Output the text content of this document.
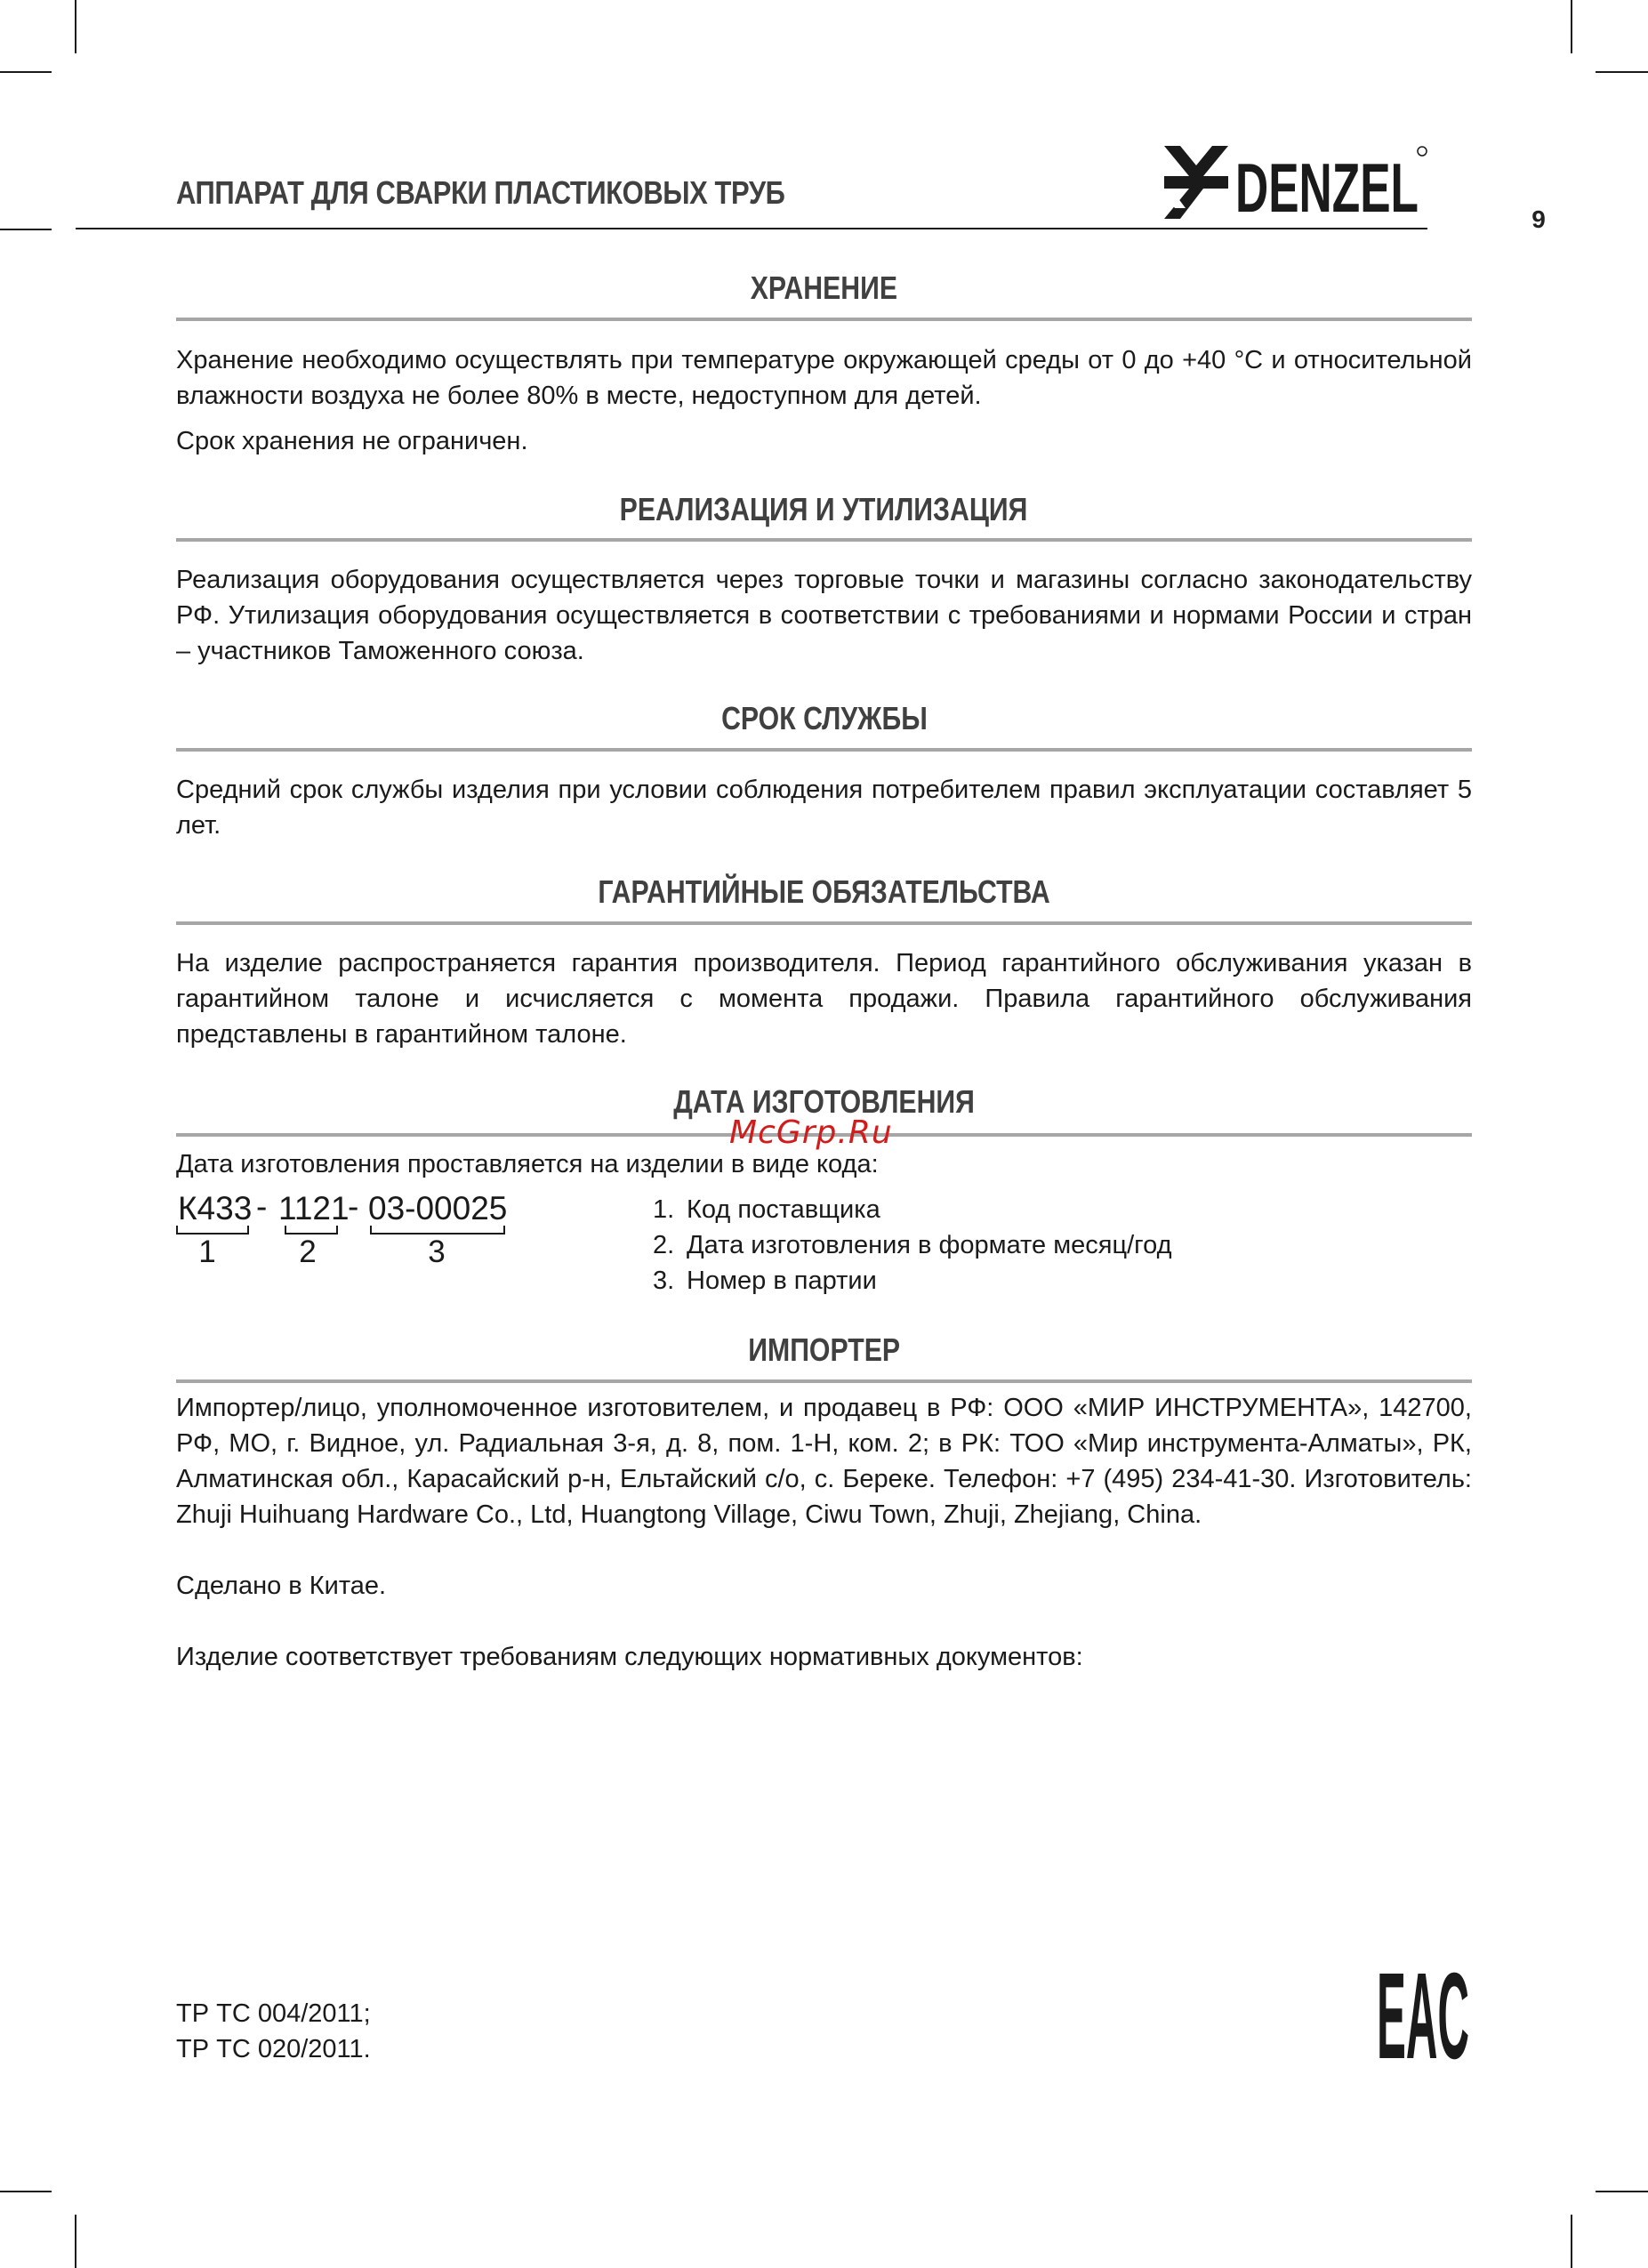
АППАРАТ ДЛЯ СВАРКИ ПЛАСТИКОВЫХ ТРУБ	DENZEL	9
ХРАНЕНИЕ
Хранение необходимо осуществлять при температуре окружающей среды от 0 до +40 °C и относительной влажности воздуха не более 80% в месте, недоступном для детей.
Срок хранения не ограничен.
РЕАЛИЗАЦИЯ И УТИЛИЗАЦИЯ
Реализация оборудования осуществляется через торговые точки и магазины согласно законодательству РФ. Утилизация оборудования осуществляется в соответствии с требованиями и нормами России и стран – участников Таможенного союза.
СРОК СЛУЖБЫ
Средний срок службы изделия при условии соблюдения потребителем правил эксплуатации составляет 5 лет.
ГАРАНТИЙНЫЕ ОБЯЗАТЕЛЬСТВА
На изделие распространяется гарантия производителя. Период гарантийного обслуживания указан в гарантийном талоне и исчисляется с момента продажи. Правила гарантийного обслуживания представлены в гарантийном талоне.
ДАТА ИЗГОТОВЛЕНИЯ
McGrp.Ru
Дата изготовления проставляется на изделии в виде кода:
К433 - 1121
- 03-00025
1	2	3
1. Код поставщика
2. Дата изготовления в формате месяц/год
3. Номер в партии
ИМПОРТЕР
Импортер/лицо, уполномоченное изготовителем, и продавец в РФ: ООО «МИР ИНСТРУМЕНТА», 142700, РФ, МО, г. Видное, ул. Радиальная 3-я, д. 8, пом. 1-Н, ком. 2; в РК: ТОО «Мир инструмента-Алматы», РК, Алматинская обл., Карасайский р-н, Ельтайский с/о, с. Береке. Телефон: +7 (495) 234-41-30. Изготовитель: Zhuji Huihuang Hardware Co., Ltd, Huangtong Village, Ciwu Town, Zhuji, Zhejiang, China.
Сделано в Китае.
Изделие соответствует требованиям следующих нормативных документов:
ТР ТС 004/2011;
ТР ТС 020/2011.	EAC
